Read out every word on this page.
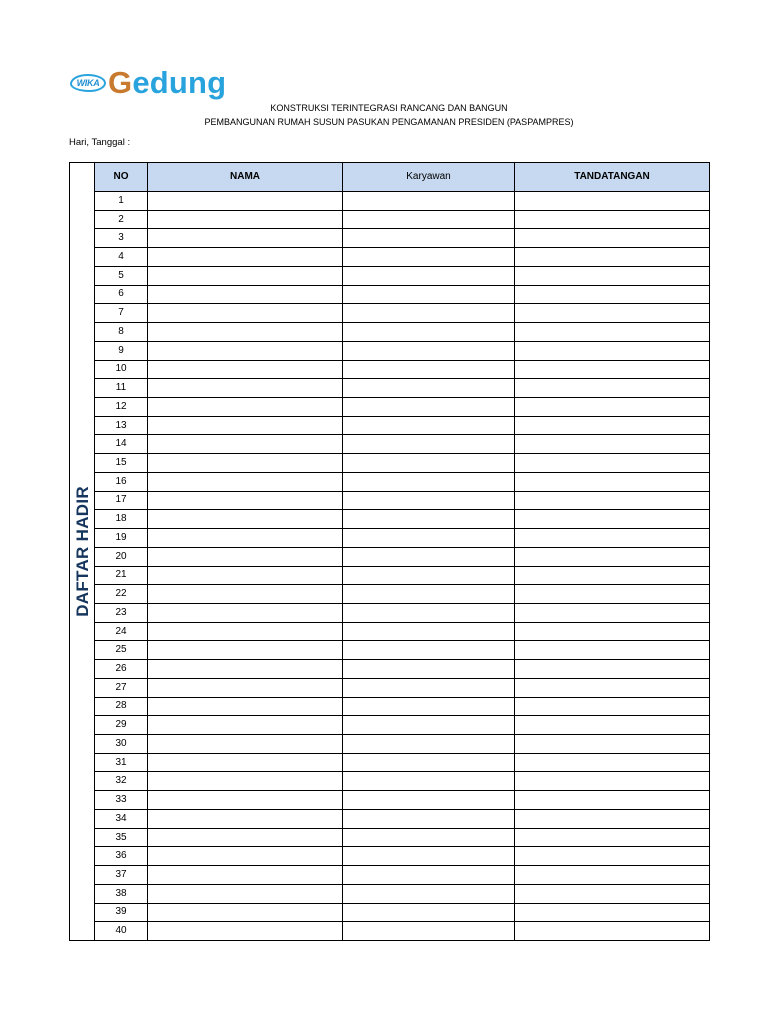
WIKA Gedung
KONSTRUKSI TERINTEGRASI RANCANG DAN BANGUN
PEMBANGUNAN RUMAH SUSUN PASUKAN PENGAMANAN PRESIDEN (PASPAMPRES)
Hari, Tanggal :
DAFTAR HADIR
NO	NAMA	Karyawan	TANDATANGAN
1
2
3
4
5
6
7
8
9
10
11
12
13
14
15
16
17
18
19
20
21
22
23
24
25
26
27
28
29
30
31
32
33
34
35
36
37
38
39
40
